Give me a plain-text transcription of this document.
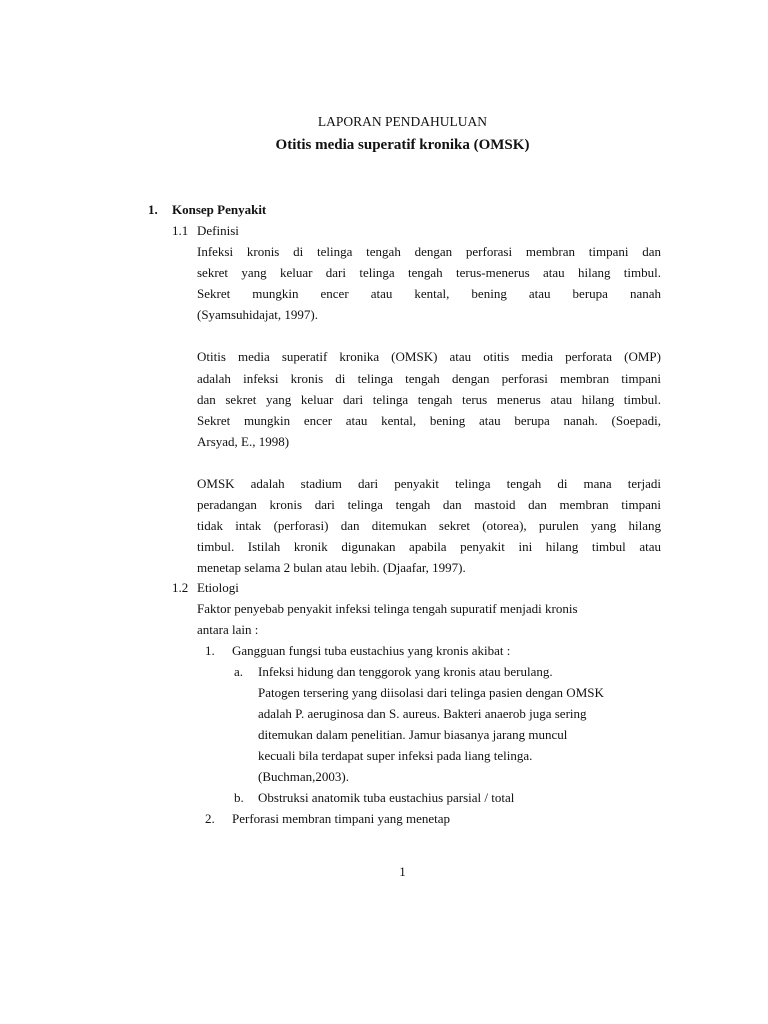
LAPORAN PENDAHULUAN
Otitis media superatif kronika (OMSK)
1. Konsep Penyakit
1.1 Definisi
Infeksi kronis di telinga tengah dengan perforasi membran timpani dan
sekret yang keluar dari telinga tengah terus-menerus atau hilang timbul.
Sekret mungkin encer atau kental, bening atau berupa nanah
(Syamsuhidajat, 1997).
Otitis media superatif kronika (OMSK) atau otitis media perforata (OMP)
adalah infeksi kronis di telinga tengah dengan perforasi membran timpani
dan sekret yang keluar dari telinga tengah terus menerus atau hilang timbul.
Sekret mungkin encer atau kental, bening atau berupa nanah. (Soepadi,
Arsyad, E., 1998)
OMSK adalah stadium dari penyakit telinga tengah di mana terjadi
peradangan kronis dari telinga tengah dan mastoid dan membran timpani
tidak intak (perforasi) dan ditemukan sekret (otorea), purulen yang hilang
timbul. Istilah kronik digunakan apabila penyakit ini hilang timbul atau
menetap selama 2 bulan atau lebih. (Djaafar, 1997).
1.2 Etiologi
Faktor penyebab penyakit infeksi telinga tengah supuratif menjadi kronis
antara lain :
1. Gangguan fungsi tuba eustachius yang kronis akibat :
a. Infeksi hidung dan tenggorok yang kronis atau berulang.
Patogen tersering yang diisolasi dari telinga pasien dengan OMSK
adalah P. aeruginosa dan S. aureus. Bakteri anaerob juga sering
ditemukan dalam penelitian. Jamur biasanya jarang muncul
kecuali bila terdapat super infeksi pada liang telinga.
(Buchman,2003).
b. Obstruksi anatomik tuba eustachius parsial / total
2. Perforasi membran timpani yang menetap
1
